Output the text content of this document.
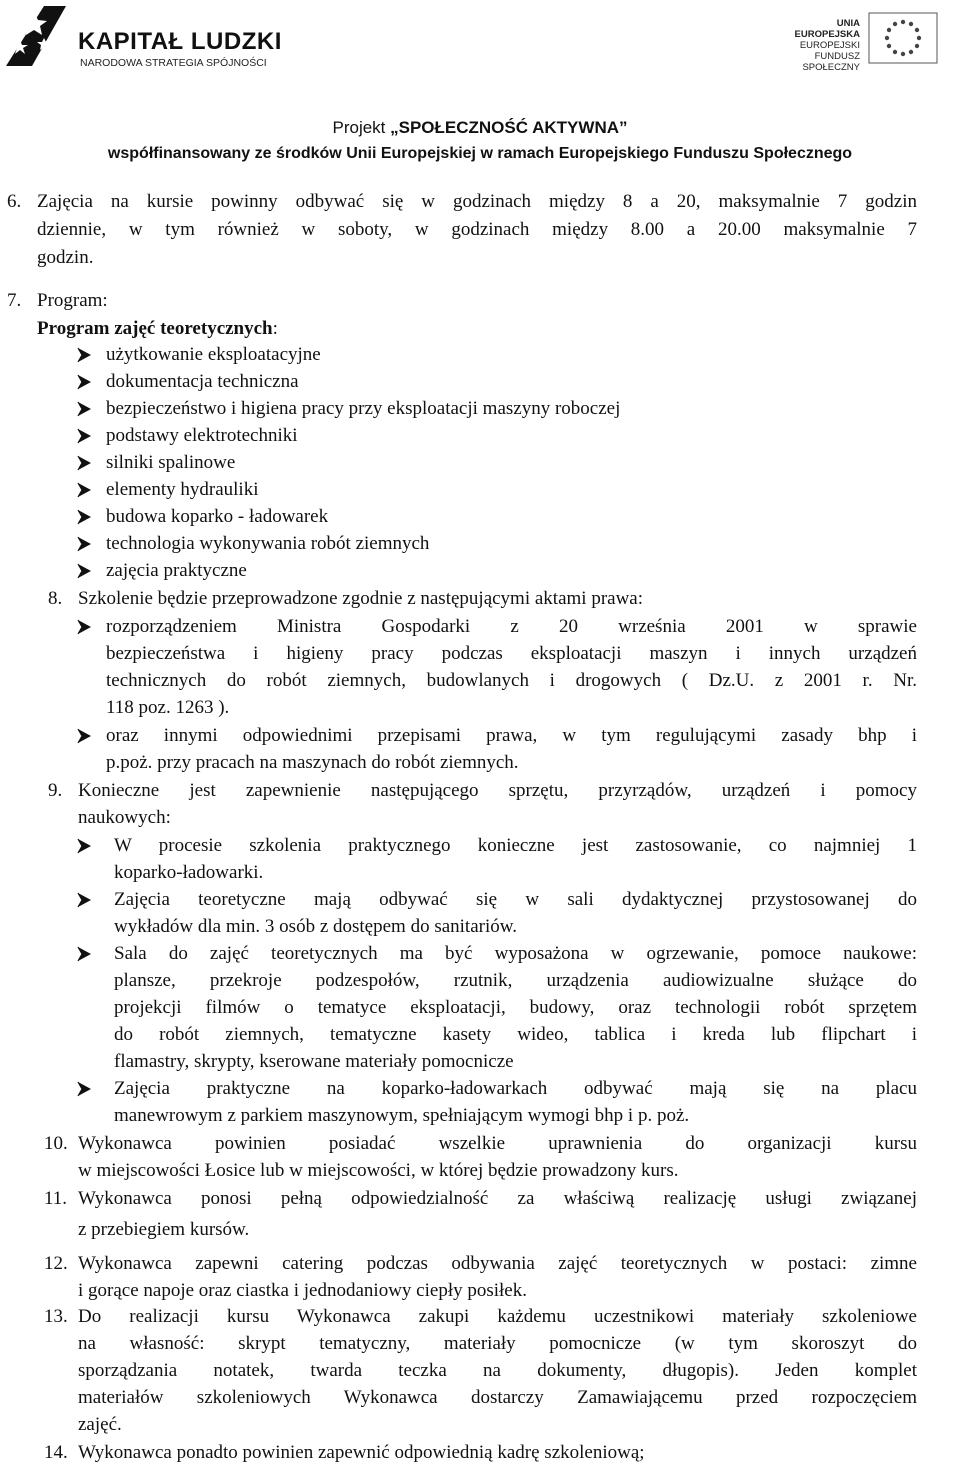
KAPITAŁ LUDZKI
NARODOWA STRATEGIA SPÓJNOŚCI
UNIA EUROPEJSKA
EUROPEJSKI
FUNDUSZ SPOŁECZNY
Projekt „SPOŁECZNOŚĆ AKTYWNA”
współfinansowany ze środków Unii Europejskiej w ramach Europejskiego Funduszu Społecznego
6. Zajęcia na kursie powinny odbywać się w godzinach między 8 a 20, maksymalnie 7 godzin
dziennie, w tym również w soboty, w godzinach między 8.00 a 20.00 maksymalnie 7
godzin.
7. Program:
Program zajęć teoretycznych:
użytkowanie eksploatacyjne
dokumentacja techniczna
bezpieczeństwo i higiena pracy przy eksploatacji maszyny roboczej
podstawy elektrotechniki
silniki spalinowe
elementy hydrauliki
budowa koparko - ładowarek
technologia wykonywania robót ziemnych
zajęcia praktyczne
8. Szkolenie będzie przeprowadzone zgodnie z następującymi aktami prawa:
rozporządzeniem Ministra Gospodarki z 20 września 2001 w sprawie
bezpieczeństwa i higieny pracy podczas eksploatacji maszyn i innych urządzeń
technicznych do robót ziemnych, budowlanych i drogowych ( Dz.U. z 2001 r. Nr.
118 poz. 1263 ).
oraz innymi odpowiednimi przepisami prawa, w tym regulującymi zasady bhp i
p.poż. przy pracach na maszynach do robót ziemnych.
9. Konieczne jest zapewnienie następującego sprzętu, przyrządów, urządzeń i pomocy
naukowych:
W procesie szkolenia praktycznego konieczne jest zastosowanie, co najmniej 1
koparko-ładowarki.
Zajęcia teoretyczne mają odbywać się w sali dydaktycznej przystosowanej do
wykładów dla min. 3 osób z dostępem do sanitariów.
Sala do zajęć teoretycznych ma być wyposażona w ogrzewanie, pomoce naukowe:
plansze, przekroje podzespołów, rzutnik, urządzenia audiowizualne służące do
projekcji filmów o tematyce eksploatacji, budowy, oraz technologii robót sprzętem
do robót ziemnych, tematyczne kasety wideo, tablica i kreda lub flipchart i
flamastry, skrypty, kserowane materiały pomocnicze
Zajęcia praktyczne na koparko-ładowarkach odbywać mają się na placu
manewrowym z parkiem maszynowym, spełniającym wymogi bhp i p. poż.
10. Wykonawca powinien posiadać wszelkie uprawnienia do organizacji kursu
w miejscowości Łosice lub w miejscowości, w której będzie prowadzony kurs.
11. Wykonawca ponosi pełną odpowiedzialność za właściwą realizację usługi związanej
z przebiegiem kursów.
12. Wykonawca zapewni catering podczas odbywania zajęć teoretycznych w postaci: zimne
i gorące napoje oraz ciastka i jednodaniowy ciepły posiłek.
13. Do realizacji kursu Wykonawca zakupi każdemu uczestnikowi materiały szkoleniowe
na własność: skrypt tematyczny, materiały pomocnicze (w tym skoroszyt do
sporządzania notatek, twarda teczka na dokumenty, długopis). Jeden komplet
materiałów szkoleniowych Wykonawca dostarczy Zamawiającemu przed rozpoczęciem
zajęć.
14. Wykonawca ponadto powinien zapewnić odpowiednią kadrę szkoleniową;
